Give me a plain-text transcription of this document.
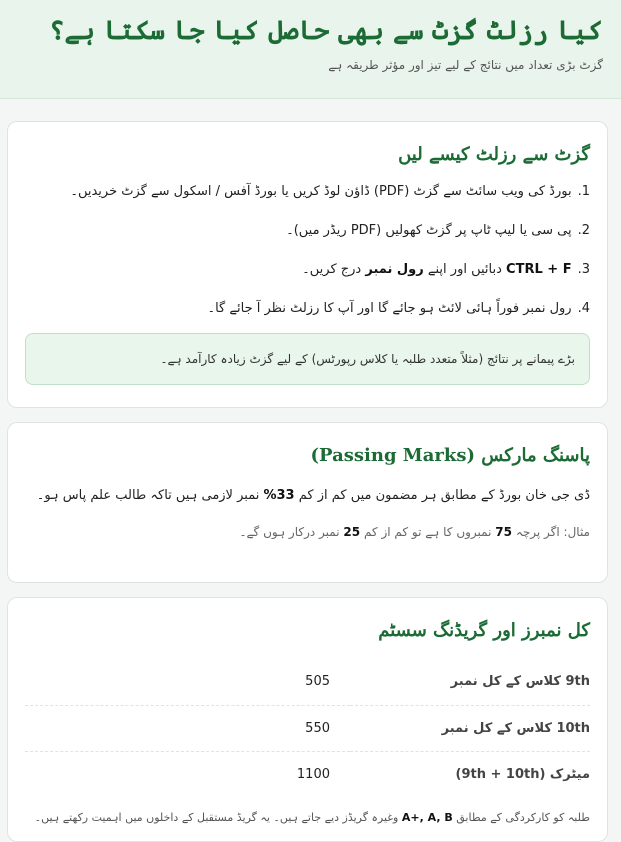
کیا رزلٹ گزٹ سے بھی حاصل کیا جا سکتا ہے؟

گزٹ بڑی تعداد میں نتائج کے لیے تیز اور مؤثر طریقہ ہے

گزٹ سے رزلٹ کیسے لیں
1.بورڈ کی ویب سائٹ سے گزٹ (PDF) ڈاؤن لوڈ کریں یا بورڈ آفس / اسکول سے گزٹ خریدیں۔
2.پی سی یا لیپ ٹاپ پر گزٹ کھولیں (PDF ریڈر میں)۔
3.CTRL + F دبائیں اور اپنے رول نمبر درج کریں۔
4.رول نمبر فوراً ہائی لائٹ ہو جائے گا اور آپ کا رزلٹ نظر آ جائے گا۔
بڑے پیمانے پر نتائج (مثلاً متعدد طلبہ یا کلاس رپورٹس) کے لیے گزٹ زیادہ کارآمد ہے۔
پاسنگ مارکس (Passing Marks)

ڈی جی خان بورڈ کے مطابق ہر مضمون میں کم از کم 33% نمبر لازمی ہیں تاکہ طالب علم پاس ہو۔

مثال: اگر پرچہ 75 نمبروں کا ہے تو کم از کم 25 نمبر درکار ہوں گے۔

کل نمبرز اور گریڈنگ سسٹم
9th کلاس کے کل نمبر	505
10th کلاس کے کل نمبر	550
میٹرک (9th + 10th)	1100

طلبہ کو کارکردگی کے مطابق A+, A, B وغیرہ گریڈز دیے جاتے ہیں۔ یہ گریڈ مستقبل کے داخلوں میں اہمیت رکھتے ہیں۔
